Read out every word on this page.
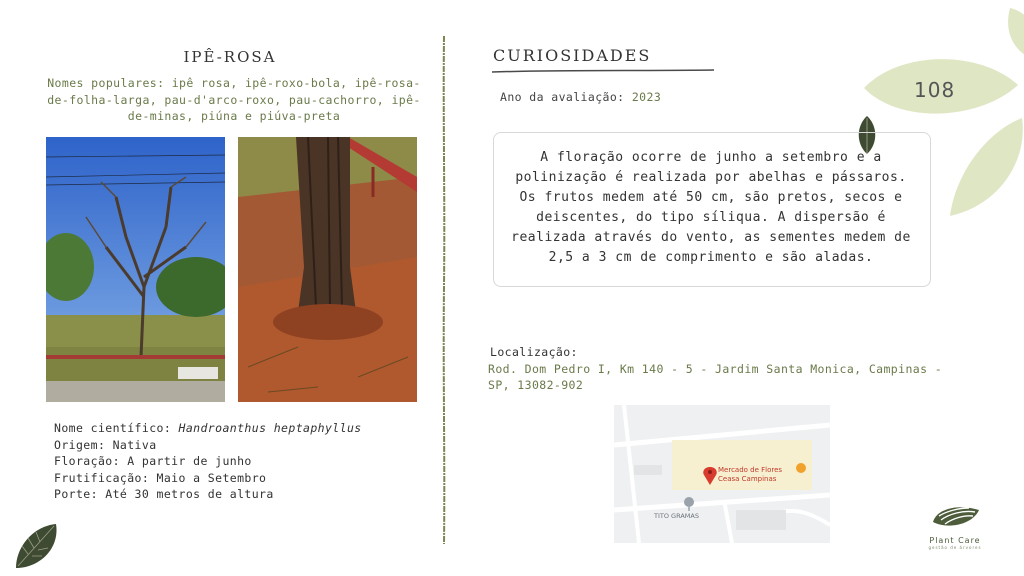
108
IPÊ-ROSA
Nomes populares: ipê rosa, ipê-roxo-bola, ipê-rosa-de-folha-larga, pau-d'arco-roxo, pau-cachorro, ipê-de-minas, piúna e piúva-preta
Nome científico: Handroanthus heptaphyllus
Origem: Nativa
Floração: A partir de junho
Frutificação: Maio a Setembro
Porte: Até 30 metros de altura
CURIOSIDADES
Ano da avaliação: 2023
A floração ocorre de junho a setembro e a polinização é realizada por abelhas e pássaros. Os frutos medem até 50 cm, são pretos, secos e deiscentes, do tipo síliqua. A dispersão é realizada através do vento, as sementes medem de 2,5 a 3 cm de comprimento e são aladas.
Localização:
Rod. Dom Pedro I, Km 140 - 5 - Jardim Santa Monica, Campinas - SP, 13082-902
Mercado de Flores
Ceasa Campinas
TITO GRAMAS
Plant Care
gestão de árvores
